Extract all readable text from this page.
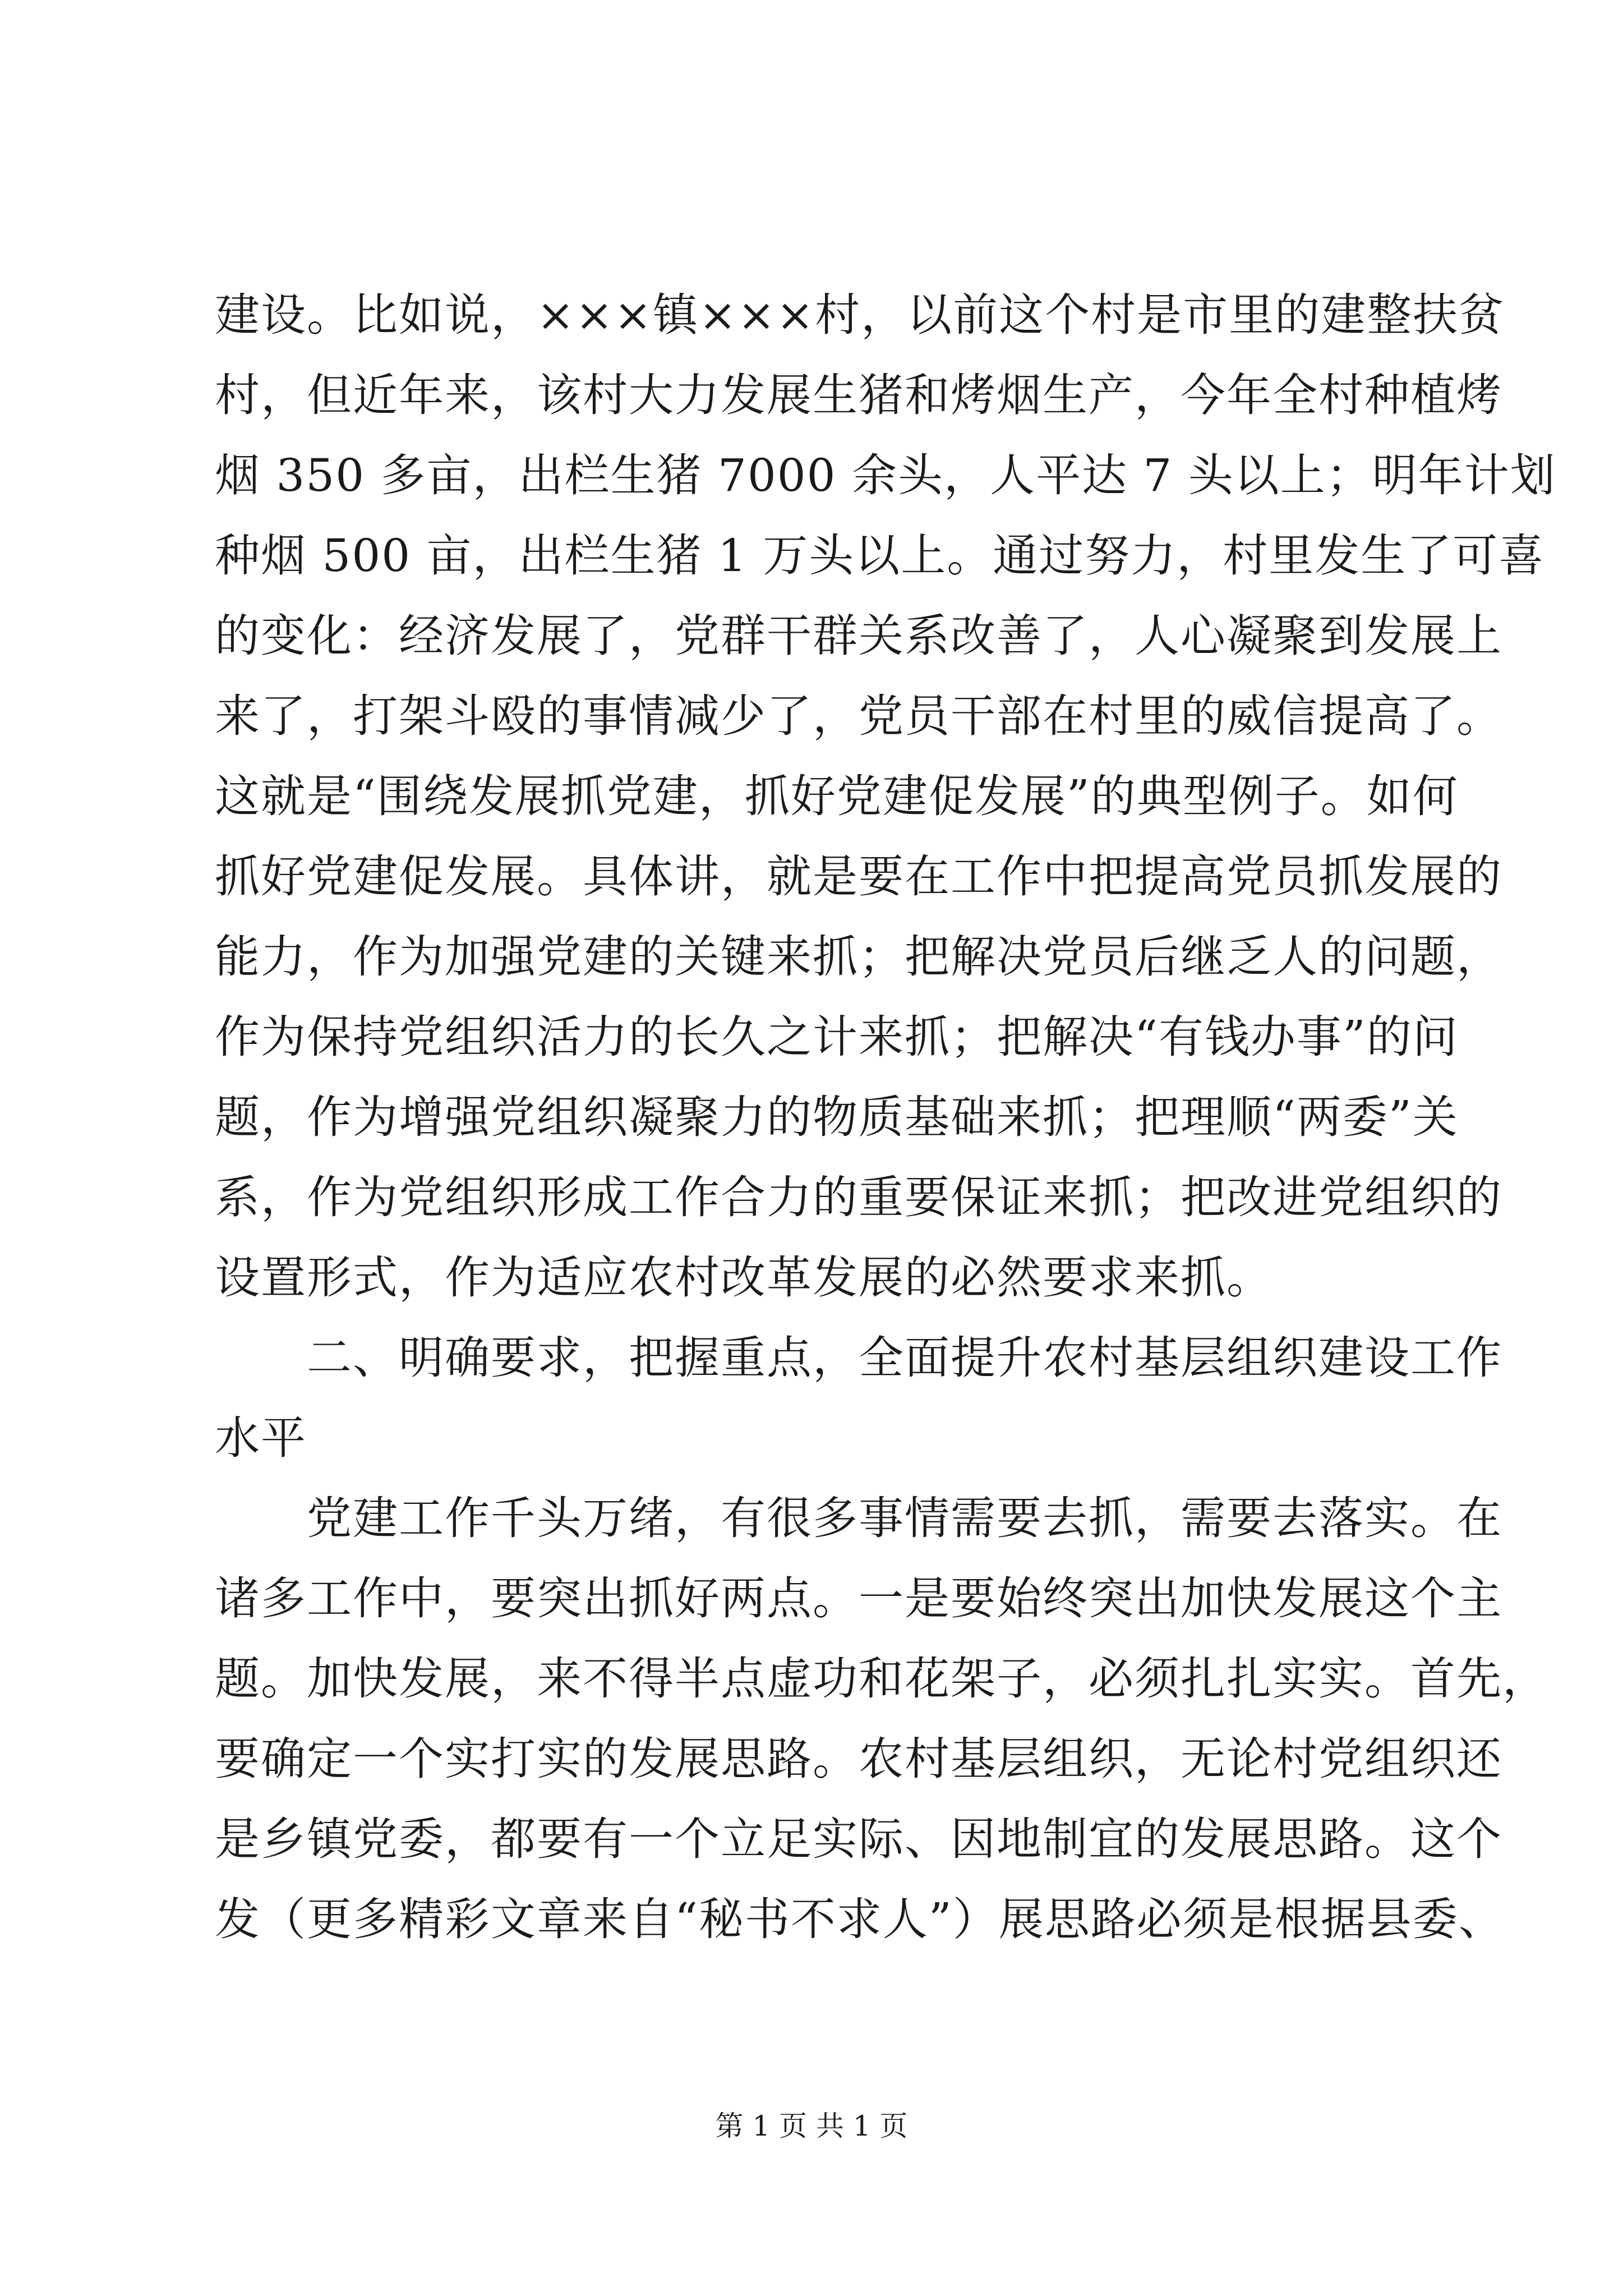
建设。比如说，×××镇×××村，以前这个村是市里的建整扶贫
村，但近年来，该村大力发展生猪和烤烟生产，今年全村种植烤
烟 350 多亩，出栏生猪 7000 余头，人平达 7 头以上；明年计划
种烟 500 亩，出栏生猪 1 万头以上。通过努力，村里发生了可喜
的变化：经济发展了，党群干群关系改善了，人心凝聚到发展上
来了，打架斗殴的事情减少了，党员干部在村里的威信提高了。
这就是“围绕发展抓党建，抓好党建促发展”的典型例子。如何
抓好党建促发展。具体讲，就是要在工作中把提高党员抓发展的
能力，作为加强党建的关键来抓；把解决党员后继乏人的问题，
作为保持党组织活力的长久之计来抓；把解决“有钱办事”的问
题，作为增强党组织凝聚力的物质基础来抓；把理顺“两委”关
系，作为党组织形成工作合力的重要保证来抓；把改进党组织的
设置形式，作为适应农村改革发展的必然要求来抓。
　　二、明确要求，把握重点，全面提升农村基层组织建设工作
水平
　　党建工作千头万绪，有很多事情需要去抓，需要去落实。在
诸多工作中，要突出抓好两点。一是要始终突出加快发展这个主
题。加快发展，来不得半点虚功和花架子，必须扎扎实实。首先，
要确定一个实打实的发展思路。农村基层组织，无论村党组织还
是乡镇党委，都要有一个立足实际、因地制宜的发展思路。这个
发（更多精彩文章来自“秘书不求人”）展思路必须是根据县委、
第 1 页 共 1 页
